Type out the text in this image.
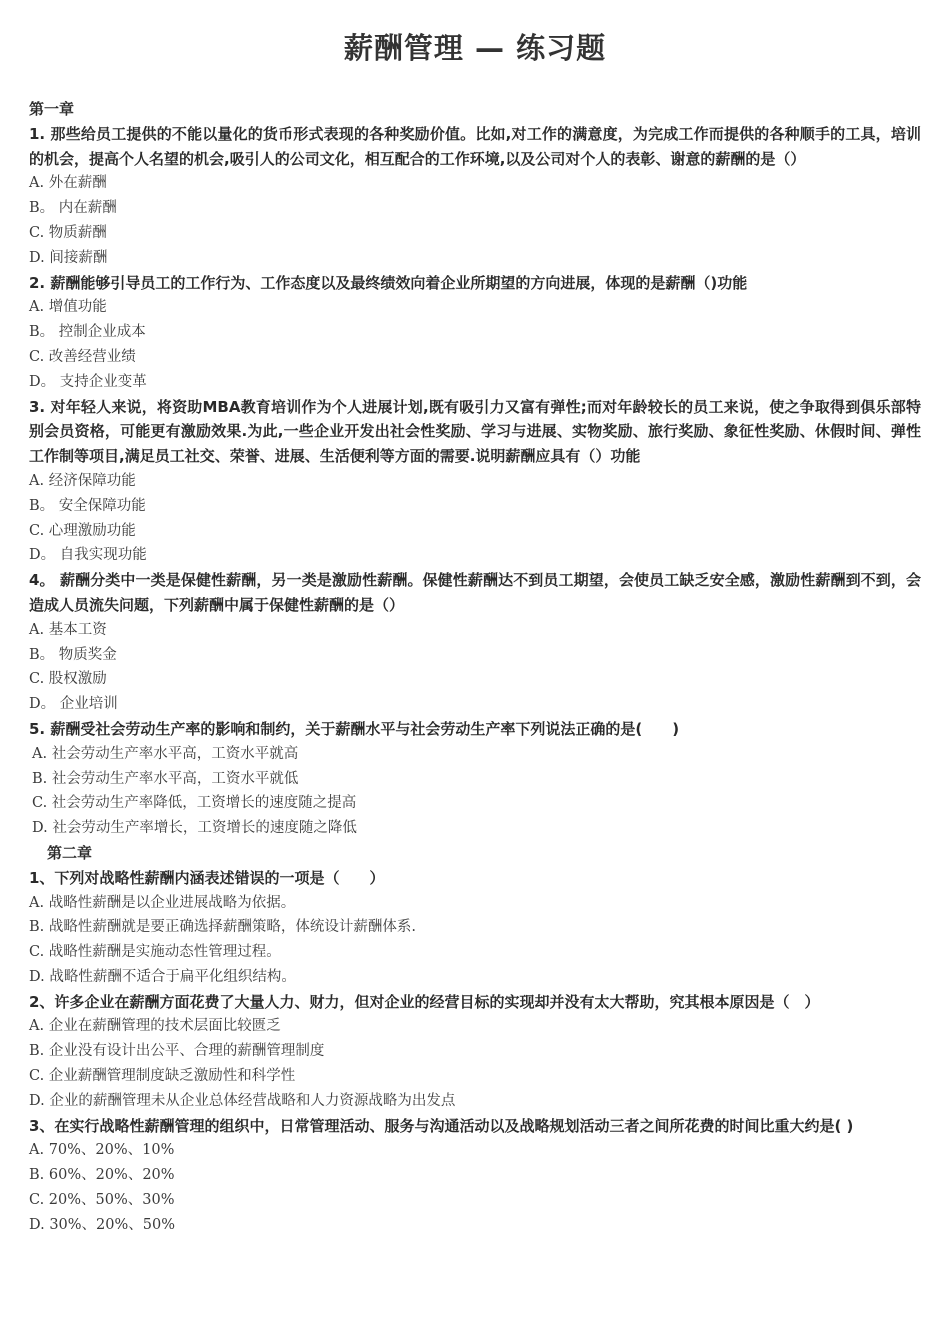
薪酬管理 — 练习题
第一章
1. 那些给员工提供的不能以量化的货币形式表现的各种奖励价值。比如,对工作的满意度，为完成工作而提供的各种顺手的工具，培训的机会，提高个人名望的机会,吸引人的公司文化，相互配合的工作环境,以及公司对个人的表彰、谢意的薪酬的是（）
A. 外在薪酬
B。 内在薪酬
C. 物质薪酬
D. 间接薪酬
2. 薪酬能够引导员工的工作行为、工作态度以及最终绩效向着企业所期望的方向进展，体现的是薪酬（)功能
A. 增值功能
B。 控制企业成本
C. 改善经营业绩
D。 支持企业变革
3. 对年轻人来说，将资助MBA教育培训作为个人进展计划,既有吸引力又富有弹性;而对年龄较长的员工来说，使之争取得到俱乐部特别会员资格，可能更有激励效果.为此,一些企业开发出社会性奖励、学习与进展、实物奖励、旅行奖励、象征性奖励、休假时间、弹性工作制等项目,满足员工社交、荣誉、进展、生活便利等方面的需要.说明薪酬应具有（）功能
A. 经济保障功能
B。 安全保障功能
C. 心理激励功能
D。 自我实现功能
4。 薪酬分类中一类是保健性薪酬，另一类是激励性薪酬。保健性薪酬达不到员工期望，会使员工缺乏安全感，激励性薪酬到不到，会造成人员流失问题，下列薪酬中属于保健性薪酬的是（）
A. 基本工资
B。 物质奖金
C. 股权激励
D。 企业培训
5. 薪酬受社会劳动生产率的影响和制约，关于薪酬水平与社会劳动生产率下列说法正确的是(　　)
A. 社会劳动生产率水平高，工资水平就高
B. 社会劳动生产率水平高，工资水平就低
C. 社会劳动生产率降低，工资增长的速度随之提高
D. 社会劳动生产率增长，工资增长的速度随之降低
第二章
1、下列对战略性薪酬内涵表述错误的一项是（　　）
A. 战略性薪酬是以企业进展战略为依据。
B. 战略性薪酬就是要正确选择薪酬策略，体统设计薪酬体系.
C. 战略性薪酬是实施动态性管理过程。
D. 战略性薪酬不适合于扁平化组织结构。
2、许多企业在薪酬方面花费了大量人力、财力，但对企业的经营目标的实现却并没有太大帮助，究其根本原因是（　）
A. 企业在薪酬管理的技术层面比较匮乏
B. 企业没有设计出公平、合理的薪酬管理制度
C. 企业薪酬管理制度缺乏激励性和科学性
D. 企业的薪酬管理未从企业总体经营战略和人力资源战略为出发点
3、在实行战略性薪酬管理的组织中，日常管理活动、服务与沟通活动以及战略规划活动三者之间所花费的时间比重大约是( )
A. 70%、20%、10%
B. 60%、20%、20%
C. 20%、50%、30%
D. 30%、20%、50%
